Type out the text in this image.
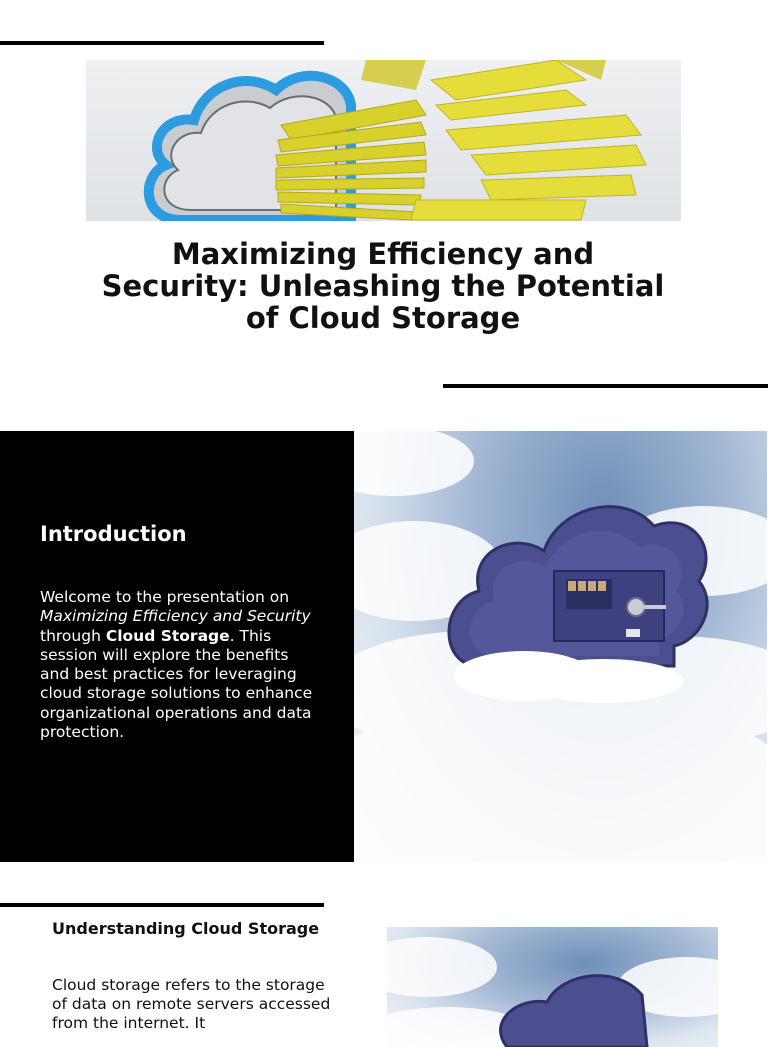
Maximizing Efficiency and Security: Unleashing the Potential of Cloud Storage
Introduction

Welcome to the presentation on Maximizing Efficiency and Security through Cloud Storage. This session will explore the benefits and best practices for leveraging cloud storage solutions to enhance organizational operations and data protection.

Understanding Cloud Storage

Cloud storage refers to the storage of data on remote servers accessed from the internet. It
